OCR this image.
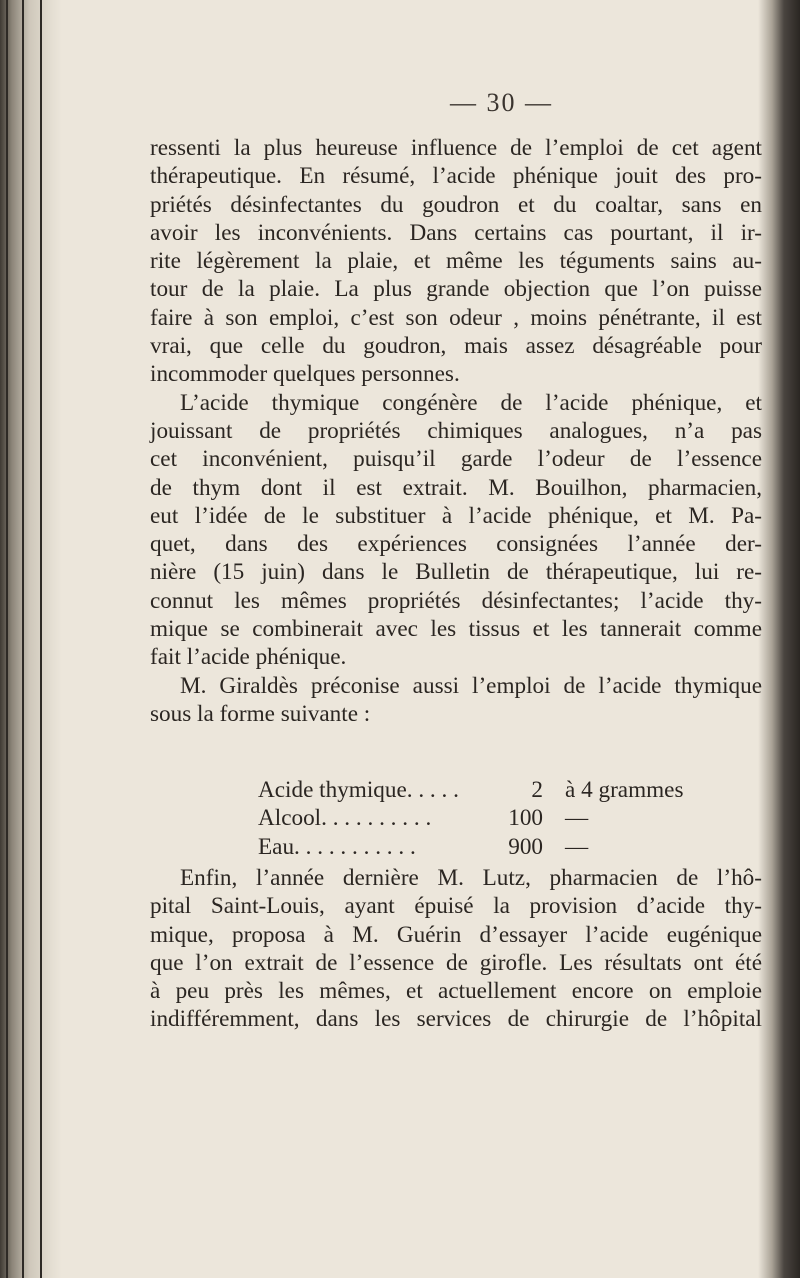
— 30 —
ressenti la plus heureuse influence de l’emploi de cet agent
thérapeutique. En résumé, l’acide phénique jouit des pro-
priétés désinfectantes du goudron et du coaltar, sans en
avoir les inconvénients. Dans certains cas pourtant, il ir-
rite légèrement la plaie, et même les téguments sains au-
tour de la plaie. La plus grande objection que l’on puisse
faire à son emploi, c’est son odeur , moins pénétrante, il est
vrai, que celle du goudron, mais assez désagréable pour
incommoder quelques personnes.
L’acide thymique congénère de l’acide phénique, et
jouissant de propriétés chimiques analogues, n’a pas
cet inconvénient, puisqu’il garde l’odeur de l’essence
de thym dont il est extrait. M. Bouilhon, pharmacien,
eut l’idée de le substituer à l’acide phénique, et M. Pa-
quet, dans des expériences consignées l’année der-
nière (15 juin) dans le Bulletin de thérapeutique, lui re-
connut les mêmes propriétés désinfectantes; l’acide thy-
mique se combinerait avec les tissus et les tannerait comme
fait l’acide phénique.
M. Giraldès préconise aussi l’emploi de l’acide thymique
sous la forme suivante :
Acide thymique. . . . .	2 à 4 grammes
Alcool. . . . . . . . . .	100 —
Eau. . . . . . . . . . .	900 —
Enfin, l’année dernière M. Lutz, pharmacien de l’hô-
pital Saint-Louis, ayant épuisé la provision d’acide thy-
mique, proposa à M. Guérin d’essayer l’acide eugénique
que l’on extrait de l’essence de girofle. Les résultats ont été
à peu près les mêmes, et actuellement encore on emploie
indifféremment, dans les services de chirurgie de l’hôpital
